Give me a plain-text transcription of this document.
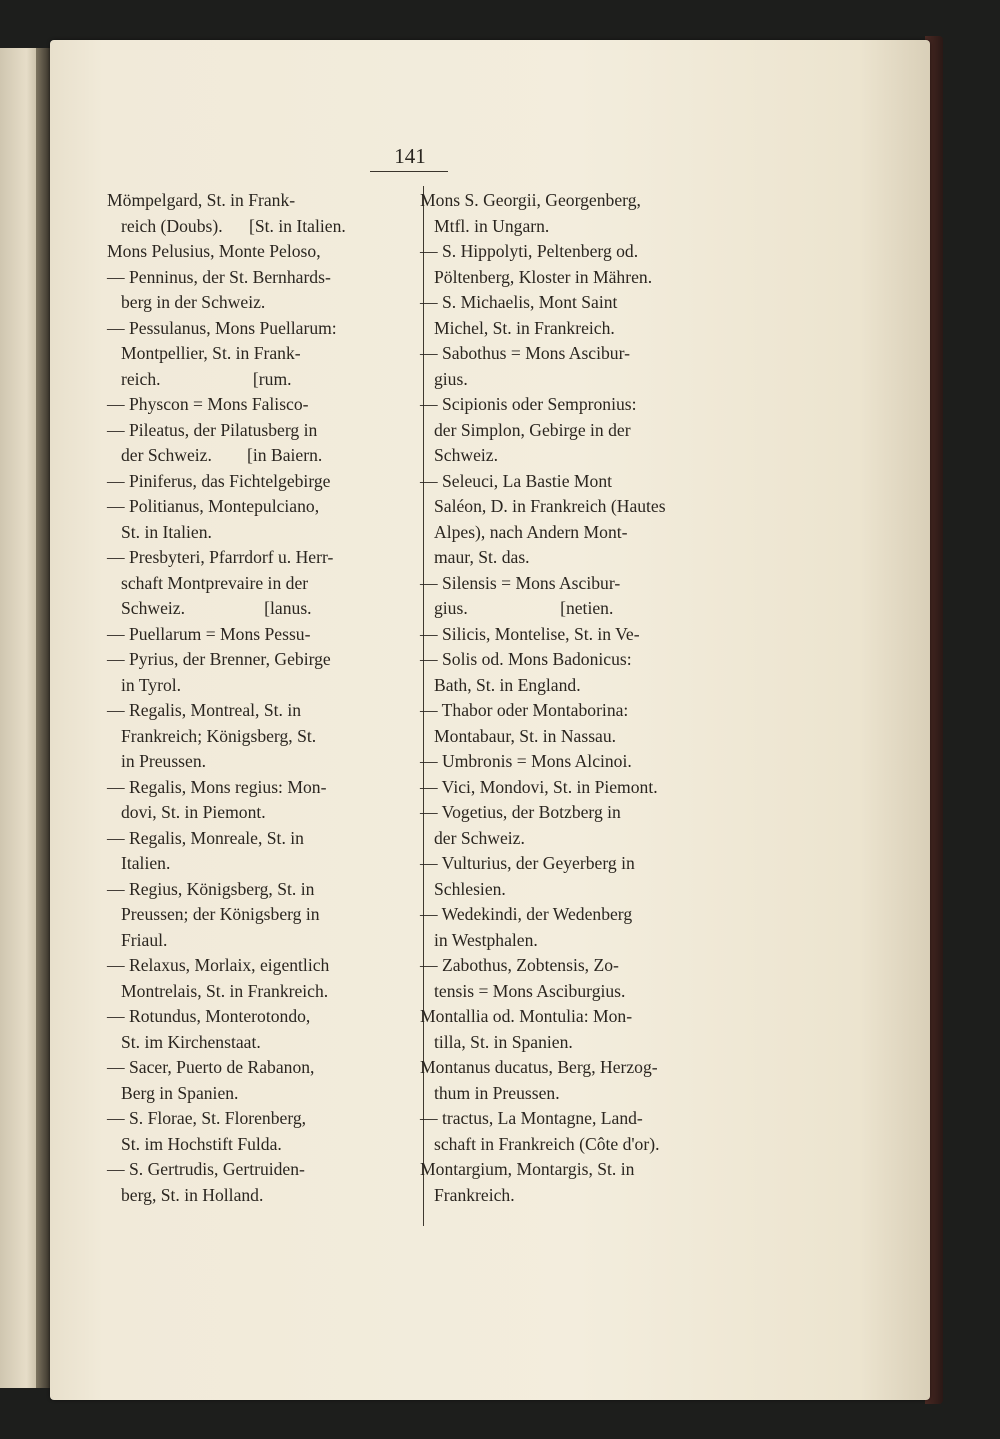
141
Mömpelgard, St. in Frank-
reich (Doubs).      [St. in Italien.
Mons Pelusius, Monte Peloso,
— Penninus, der St. Bernhards-
berg in der Schweiz.
— Pessulanus, Mons Puellarum:
Montpellier, St. in Frank-
reich.                     [rum.
— Physcon = Mons Falisco-
— Pileatus, der Pilatusberg in
der Schweiz.        [in Baiern.
— Piniferus, das Fichtelgebirge
— Politianus, Montepulciano,
St. in Italien.
— Presbyteri, Pfarrdorf u. Herr-
schaft Montprevaire in der
Schweiz.                  [lanus.
— Puellarum = Mons Pessu-
— Pyrius, der Brenner, Gebirge
in Tyrol.
— Regalis, Montreal, St. in
Frankreich; Königsberg, St.
in Preussen.
— Regalis, Mons regius: Mon-
dovi, St. in Piemont.
— Regalis, Monreale, St. in
Italien.
— Regius, Königsberg, St. in
Preussen; der Königsberg in
Friaul.
— Relaxus, Morlaix, eigentlich
Montrelais, St. in Frankreich.
— Rotundus, Monterotondo,
St. im Kirchenstaat.
— Sacer, Puerto de Rabanon,
Berg in Spanien.
— S. Florae, St. Florenberg,
St. im Hochstift Fulda.
— S. Gertrudis, Gertruiden-
berg, St. in Holland.
Mons S. Georgii, Georgenberg,
Mtfl. in Ungarn.
— S. Hippolyti, Peltenberg od.
Pöltenberg, Kloster in Mähren.
— S. Michaelis, Mont Saint
Michel, St. in Frankreich.
— Sabothus = Mons Ascibur-
gius.
— Scipionis oder Sempronius:
der Simplon, Gebirge in der
Schweiz.
— Seleuci, La Bastie Mont
Saléon, D. in Frankreich (Hautes
Alpes), nach Andern Mont-
maur, St. das.
— Silensis = Mons Ascibur-
gius.                     [netien.
— Silicis, Montelise, St. in Ve-
— Solis od. Mons Badonicus:
Bath, St. in England.
— Thabor oder Montaborina:
Montabaur, St. in Nassau.
— Umbronis = Mons Alcinoi.
— Vici, Mondovi, St. in Piemont.
— Vogetius, der Botzberg in
der Schweiz.
— Vulturius, der Geyerberg in
Schlesien.
— Wedekindi, der Wedenberg
in Westphalen.
— Zabothus, Zobtensis, Zo-
tensis = Mons Asciburgius.
Montallia od. Montulia: Mon-
tilla, St. in Spanien.
Montanus ducatus, Berg, Herzog-
thum in Preussen.
— tractus, La Montagne, Land-
schaft in Frankreich (Côte d'or).
Montargium, Montargis, St. in
Frankreich.
